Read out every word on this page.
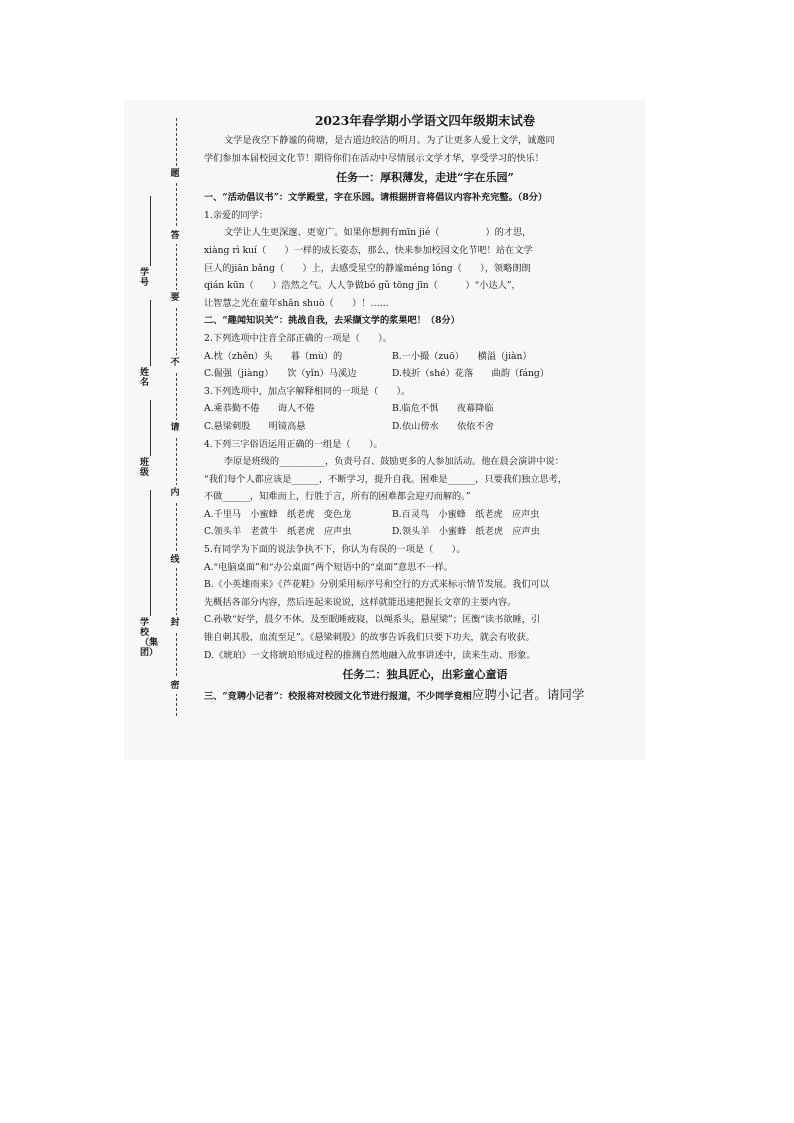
题
答
要
不
请
内
线
封
密
学号
姓名
班级
学校（集团）
2023年春学期小学语文四年级期末试卷
文学是夜空下静谧的荷塘，是古道边皎洁的明月。为了让更多人爱上文学，诚邀同
学们参加本届校园文化节！期待你们在活动中尽情展示文学才华，享受学习的快乐！
任务一：厚积薄发，走进“字在乐园”
一、“活动倡议书”：文学殿堂，字在乐园。请根据拼音将倡议内容补充完整。（8分）
1.亲爱的同学：
文学让人生更深邃、更宽广。如果你想拥有mīn jié（　　　　　）的才思，
xiàng rì kuí（　　）一样的成长姿态，那么，快来参加校园文化节吧！站在文学
巨人的jiān bǎng（　　）上，去感受星空的静谧méng lóng（　　），领略朗朗
qián kūn（　　）浩然之气。人人争做bó gǔ tōng jīn（　　　）“小达人”，
让智慧之光在童年shǎn shuò（　　）！……
二、“趣闻知识关”：挑战自我，去采撷文学的浆果吧！（8分）
2.下列选项中注音全部正确的一项是（　　）。
A.枕（zhěn）头　　暮（mù）的	B.一小撮（zuō）　　横溢（jiàn）
C.倔强（jiàng）　　饮（yǐn）马溪边	D.枝折（shé）花落　　曲韵（fáng）
3.下列选项中，加点字解释相同的一项是（　　）。
A.乘恭勤不倦　　诲人不倦	B.临危不惧　　夜幕降临
C.悬梁刺股　　明镜高悬	D.依山傍水　　依依不舍
4.下列三字俗语运用正确的一组是（　　）。
李原是班级的__________，负责号召、鼓励更多的人参加活动。他在晨会演讲中说：
“我们每个人都应该是______，不断学习，提升自我。困难是______，只要我们独立思考，
不做______，知难而上，行胜于言，所有的困难都会迎刃而解的。”
A.千里马　小蜜蜂　纸老虎　变色龙	B.百灵鸟　小蜜蜂　纸老虎　应声虫
C.领头羊　老黄牛　纸老虎　应声虫	D.领头羊　小蜜蜂　纸老虎　应声虫
5.有同学为下面的说法争执不下，你认为有误的一项是（　　）。
A.“电脑桌面”和“办公桌面”两个短语中的“桌面”意思不一样。
B.《小英雄雨来》《芦花鞋》分别采用标序号和空行的方式来标示情节发展。我们可以
先概括各部分内容，然后连起来说说，这样就能迅速把握长文章的主要内容。
C.孙敬“好学，晨夕不休。及至眠睡疲寝，以绳系头，悬屋梁”；匡衡“读书欲睡，引
锥自刺其股，血流至足”。《悬梁刺股》的故事告诉我们只要下功夫，就会有收获。
D.《琥珀》一文将琥珀形成过程的推测自然地融入故事讲述中，读来生动、形象。
任务二：独具匠心，出彩童心童语
三、“竞聘小记者”：校报将对校园文化节进行报道，不少同学竞相应聘小记者。请同学
